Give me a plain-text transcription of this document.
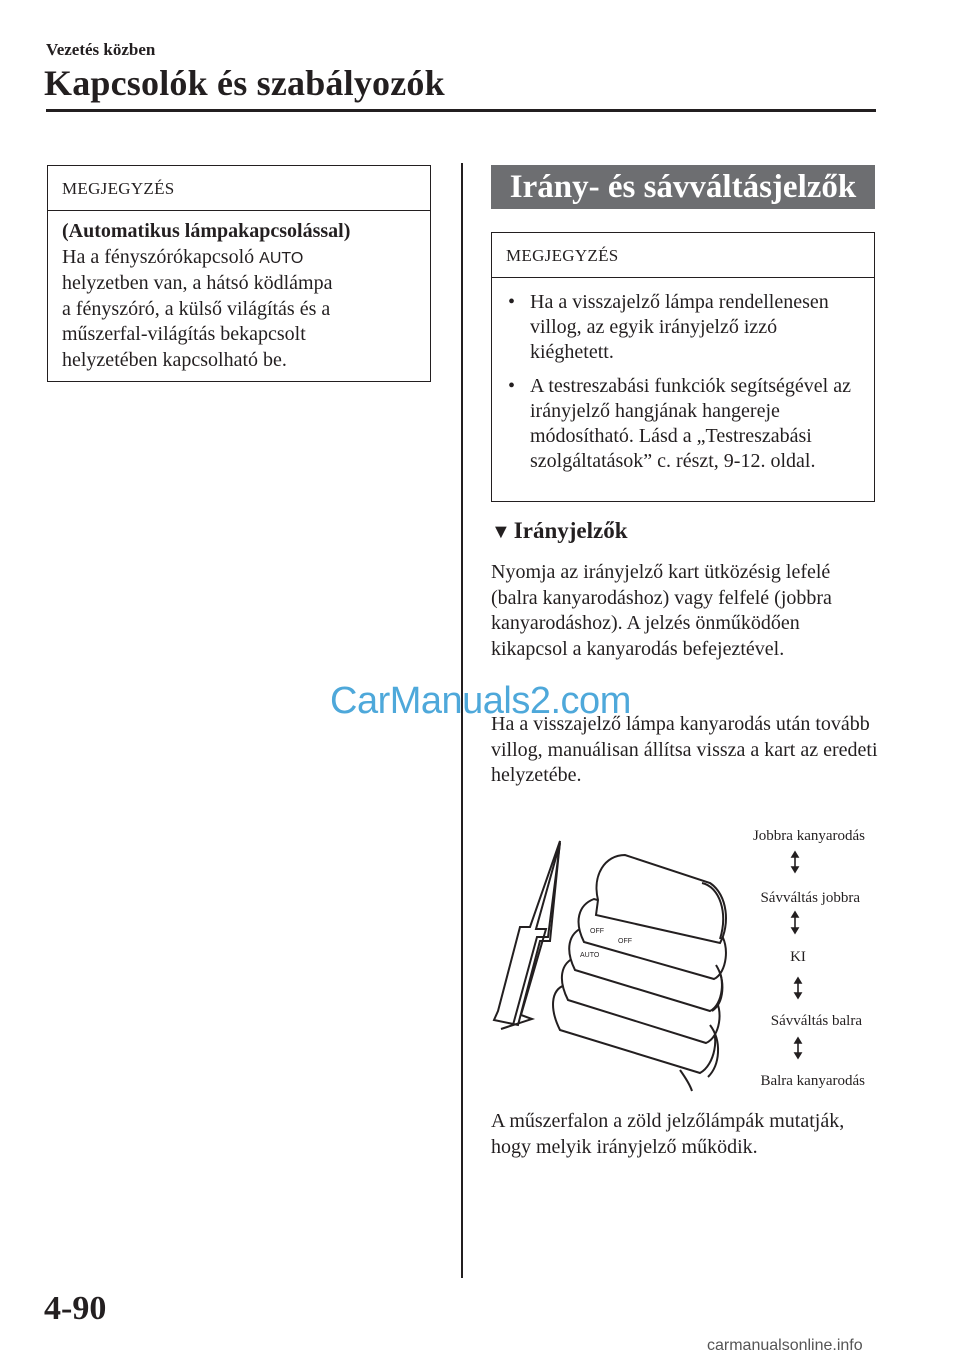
Vezetés közben
Kapcsolók és szabályozók
MEGJEGYZÉS
(Automatikus lámpakapcsolással)
Ha a fényszórókapcsoló AUTO
helyzetben van, a hátsó ködlámpa
a fényszóró, a külső világítás és a
műszerfal-világítás bekapcsolt
helyzetében kapcsolható be.
Irány- és sávváltásjelzők
MEGJEGYZÉS
• Ha a visszajelző lámpa rendellenesen villog, az egyik irányjelző izzó kiéghetett.
• A testreszabási funkciók segítségével az irányjelző hangjának hangereje módosítható. Lásd a „Testreszabási szolgáltatások” c. részt, 9-12. oldal.
▼ Irányjelzők
Nyomja az irányjelző kart ütközésig lefelé (balra kanyarodáshoz) vagy felfelé (jobbra kanyarodáshoz). A jelzés önműködően kikapcsol a kanyarodás befejeztével.
Ha a visszajelző lámpa kanyarodás után tovább villog, manuálisan állítsa vissza a kart az eredeti helyzetébe.
CarManuals2.com
OFF
OFF
AUTO
Jobbra kanyarodás
Sávváltás jobbra
KI
Sávváltás balra
Balra kanyarodás
A műszerfalon a zöld jelzőlámpák mutatják, hogy melyik irányjelző működik.
4-90
carmanualsonline.info
